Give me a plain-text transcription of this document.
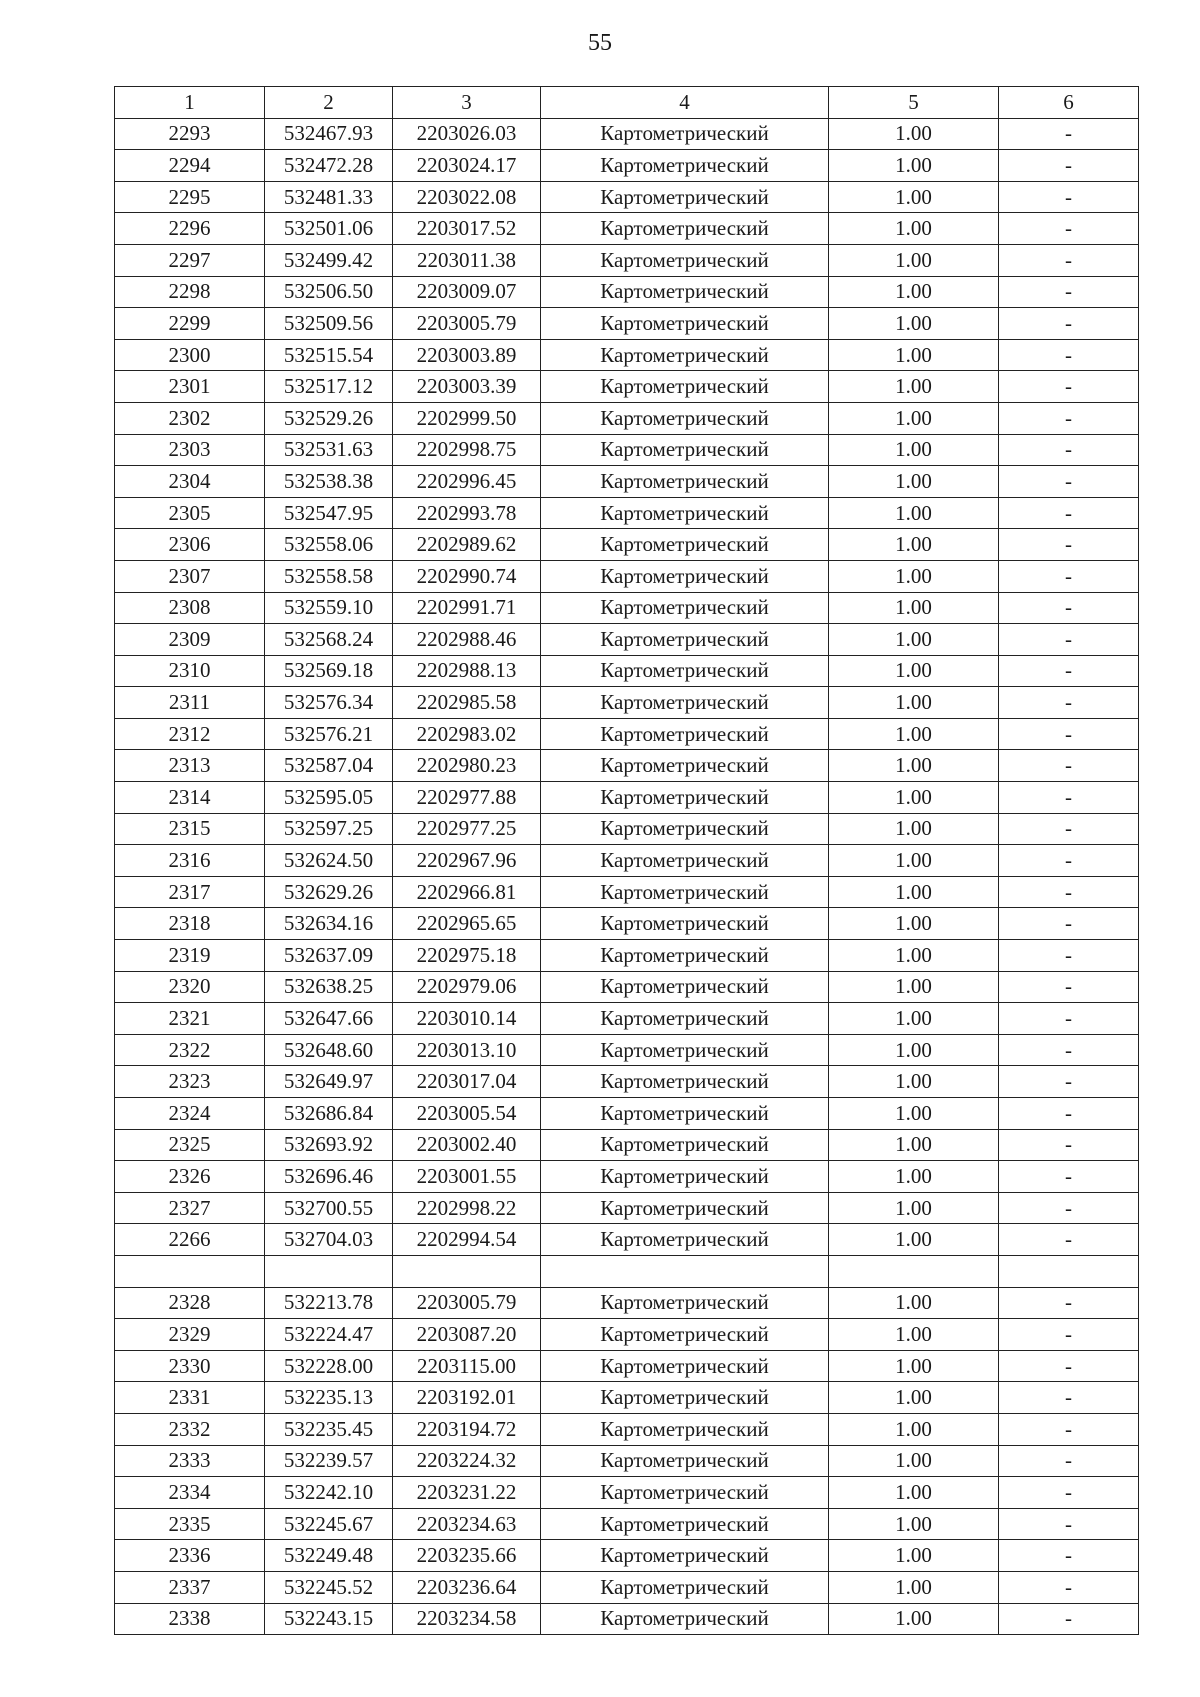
55
1	2	3	4	5	6
2293	532467.93	2203026.03	Картометрический	1.00	-
2294	532472.28	2203024.17	Картометрический	1.00	-
2295	532481.33	2203022.08	Картометрический	1.00	-
2296	532501.06	2203017.52	Картометрический	1.00	-
2297	532499.42	2203011.38	Картометрический	1.00	-
2298	532506.50	2203009.07	Картометрический	1.00	-
2299	532509.56	2203005.79	Картометрический	1.00	-
2300	532515.54	2203003.89	Картометрический	1.00	-
2301	532517.12	2203003.39	Картометрический	1.00	-
2302	532529.26	2202999.50	Картометрический	1.00	-
2303	532531.63	2202998.75	Картометрический	1.00	-
2304	532538.38	2202996.45	Картометрический	1.00	-
2305	532547.95	2202993.78	Картометрический	1.00	-
2306	532558.06	2202989.62	Картометрический	1.00	-
2307	532558.58	2202990.74	Картометрический	1.00	-
2308	532559.10	2202991.71	Картометрический	1.00	-
2309	532568.24	2202988.46	Картометрический	1.00	-
2310	532569.18	2202988.13	Картометрический	1.00	-
2311	532576.34	2202985.58	Картометрический	1.00	-
2312	532576.21	2202983.02	Картометрический	1.00	-
2313	532587.04	2202980.23	Картометрический	1.00	-
2314	532595.05	2202977.88	Картометрический	1.00	-
2315	532597.25	2202977.25	Картометрический	1.00	-
2316	532624.50	2202967.96	Картометрический	1.00	-
2317	532629.26	2202966.81	Картометрический	1.00	-
2318	532634.16	2202965.65	Картометрический	1.00	-
2319	532637.09	2202975.18	Картометрический	1.00	-
2320	532638.25	2202979.06	Картометрический	1.00	-
2321	532647.66	2203010.14	Картометрический	1.00	-
2322	532648.60	2203013.10	Картометрический	1.00	-
2323	532649.97	2203017.04	Картометрический	1.00	-
2324	532686.84	2203005.54	Картометрический	1.00	-
2325	532693.92	2203002.40	Картометрический	1.00	-
2326	532696.46	2203001.55	Картометрический	1.00	-
2327	532700.55	2202998.22	Картометрический	1.00	-
2266	532704.03	2202994.54	Картометрический	1.00	-

2328	532213.78	2203005.79	Картометрический	1.00	-
2329	532224.47	2203087.20	Картометрический	1.00	-
2330	532228.00	2203115.00	Картометрический	1.00	-
2331	532235.13	2203192.01	Картометрический	1.00	-
2332	532235.45	2203194.72	Картометрический	1.00	-
2333	532239.57	2203224.32	Картометрический	1.00	-
2334	532242.10	2203231.22	Картометрический	1.00	-
2335	532245.67	2203234.63	Картометрический	1.00	-
2336	532249.48	2203235.66	Картометрический	1.00	-
2337	532245.52	2203236.64	Картометрический	1.00	-
2338	532243.15	2203234.58	Картометрический	1.00	-
